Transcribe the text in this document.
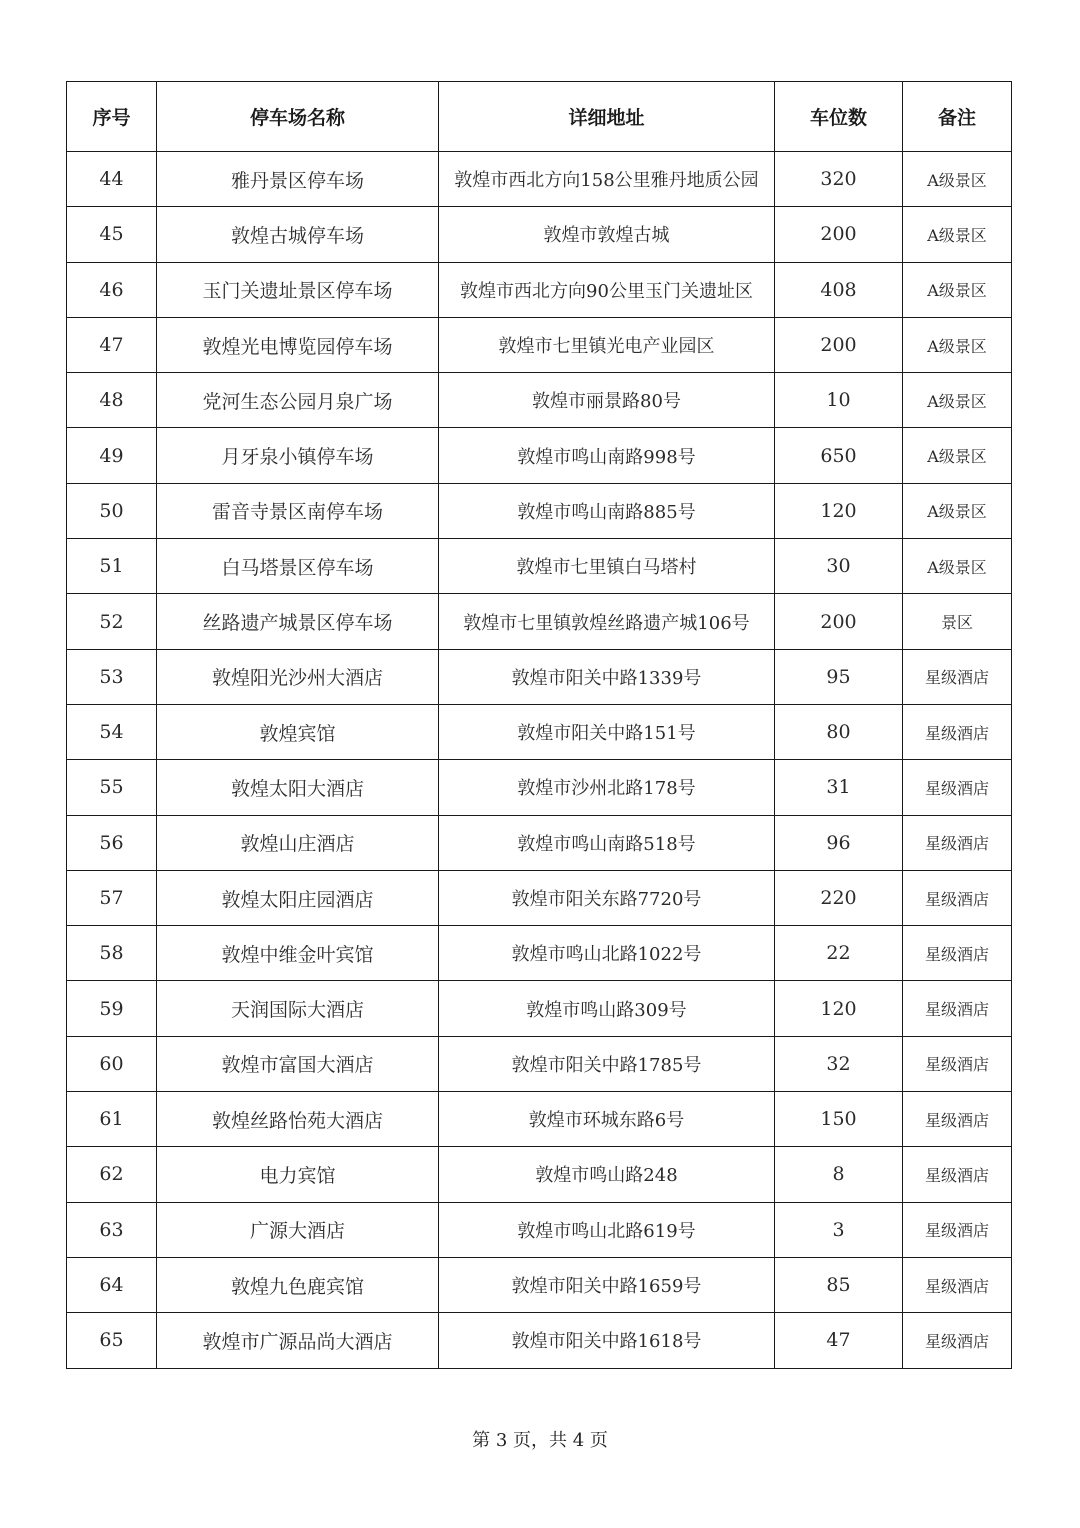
序号	停车场名称	详细地址	车位数	备注
44	雅丹景区停车场	敦煌市西北方向158公里雅丹地质公园	320	A级景区
45	敦煌古城停车场	敦煌市敦煌古城	200	A级景区
46	玉门关遗址景区停车场	敦煌市西北方向90公里玉门关遗址区	408	A级景区
47	敦煌光电博览园停车场	敦煌市七里镇光电产业园区	200	A级景区
48	党河生态公园月泉广场	敦煌市丽景路80号	10	A级景区
49	月牙泉小镇停车场	敦煌市鸣山南路998号	650	A级景区
50	雷音寺景区南停车场	敦煌市鸣山南路885号	120	A级景区
51	白马塔景区停车场	敦煌市七里镇白马塔村	30	A级景区
52	丝路遗产城景区停车场	敦煌市七里镇敦煌丝路遗产城106号	200	景区
53	敦煌阳光沙州大酒店	敦煌市阳关中路1339号	95	星级酒店
54	敦煌宾馆	敦煌市阳关中路151号	80	星级酒店
55	敦煌太阳大酒店	敦煌市沙州北路178号	31	星级酒店
56	敦煌山庄酒店	敦煌市鸣山南路518号	96	星级酒店
57	敦煌太阳庄园酒店	敦煌市阳关东路7720号	220	星级酒店
58	敦煌中维金叶宾馆	敦煌市鸣山北路1022号	22	星级酒店
59	天润国际大酒店	敦煌市鸣山路309号	120	星级酒店
60	敦煌市富国大酒店	敦煌市阳关中路1785号	32	星级酒店
61	敦煌丝路怡苑大酒店	敦煌市环城东路6号	150	星级酒店
62	电力宾馆	敦煌市鸣山路248	8	星级酒店
63	广源大酒店	敦煌市鸣山北路619号	3	星级酒店
64	敦煌九色鹿宾馆	敦煌市阳关中路1659号	85	星级酒店
65	敦煌市广源品尚大酒店	敦煌市阳关中路1618号	47	星级酒店
第 3 页，共 4 页
